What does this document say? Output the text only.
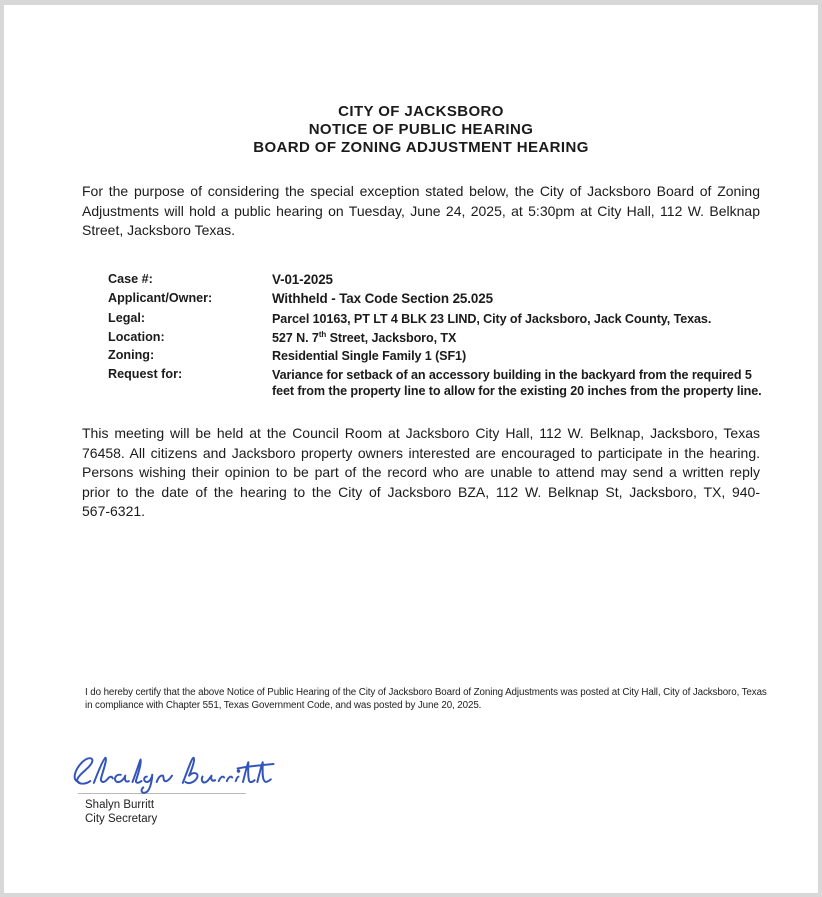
CITY OF JACKSBORO
NOTICE OF PUBLIC HEARING
BOARD OF ZONING ADJUSTMENT HEARING
For the purpose of considering the special exception stated below, the City of Jacksboro Board of Zoning Adjustments will hold a public hearing on Tuesday, June 24, 2025, at 5:30pm at City Hall, 112 W. Belknap Street, Jacksboro Texas.
Case #:	V-01-2025
Applicant/Owner:	Withheld - Tax Code Section 25.025
Legal:	Parcel 10163, PT LT 4 BLK 23 LIND, City of Jacksboro, Jack County, Texas.
Location:	527 N. 7th Street, Jacksboro, TX
Zoning:	Residential Single Family 1 (SF1)
Request for:	Variance for setback of an accessory building in the backyard from the required 5 feet from the property line to allow for the existing 20 inches from the property line.
This meeting will be held at the Council Room at Jacksboro City Hall, 112 W. Belknap, Jacksboro, Texas 76458. All citizens and Jacksboro property owners interested are encouraged to participate in the hearing. Persons wishing their opinion to be part of the record who are unable to attend may send a written reply prior to the date of the hearing to the City of Jacksboro BZA, 112 W. Belknap St, Jacksboro, TX, 940-567-6321.
I do hereby certify that the above Notice of Public Hearing of the City of Jacksboro Board of Zoning Adjustments was posted at City Hall, City of Jacksboro, Texas in compliance with Chapter 551, Texas Government Code, and was posted by June 20, 2025.
Shalyn Burritt
City Secretary
